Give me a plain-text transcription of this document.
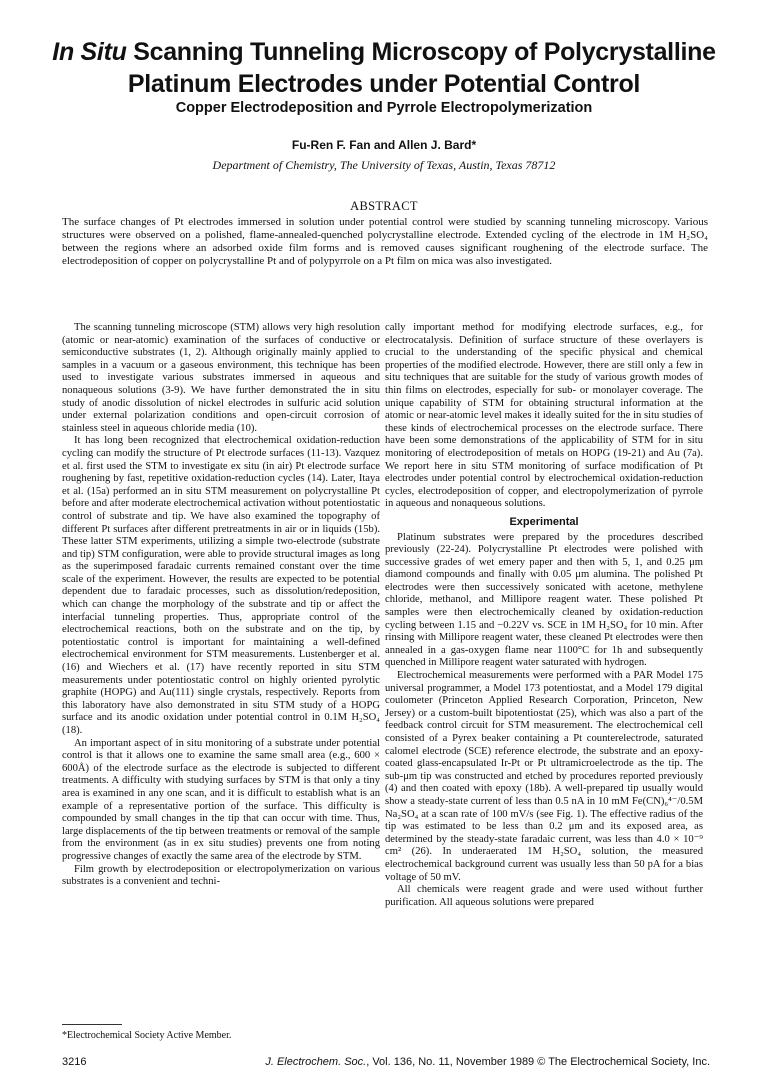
In Situ Scanning Tunneling Microscopy of Polycrystalline
Platinum Electrodes under Potential Control
Copper Electrodeposition and Pyrrole Electropolymerization
Fu-Ren F. Fan and Allen J. Bard*
Department of Chemistry, The University of Texas, Austin, Texas 78712
ABSTRACT
The surface changes of Pt electrodes immersed in solution under potential control were studied by scanning tunneling microscopy. Various structures were observed on a polished, flame-annealed-quenched polycrystalline electrode. Extended cycling of the electrode in 1M H₂SO₄ between the regions where an adsorbed oxide film forms and is removed causes significant roughening of the electrode surface. The electrodeposition of copper on polycrystalline Pt and of polypyrrole on a Pt film on mica was also investigated.

The scanning tunneling microscope (STM) allows very high resolution (atomic or near-atomic) examination of the surfaces of conductive or semiconductive substrates (1, 2). Although originally mainly applied to samples in a vacuum or a gaseous environment, this technique has been used to investigate various substrates immersed in aqueous and nonaqueous solutions (3-9). We have further demonstrated the in situ study of anodic dissolution of nickel electrodes in sulfuric acid solution under external polarization conditions and open-circuit corrosion of stainless steel in aqueous chloride media (10).

It has long been recognized that electrochemical oxidation-reduction cycling can modify the structure of Pt electrode surfaces (11-13). Vazquez et al. first used the STM to investigate ex situ (in air) Pt electrode surface roughening by fast, repetitive oxidation-reduction cycles (14). Later, Itaya et al. (15a) performed an in situ STM measurement on polycrystalline Pt before and after moderate electrochemical activation without potentiostatic control of substrate and tip. We have also examined the topography of different Pt surfaces after different pretreatments in air or in liquids (15b). These latter STM experiments, utilizing a simple two-electrode (substrate and tip) STM configuration, were able to provide structural images as long as the superimposed faradaic currents remained constant over the time scale of the experiment. However, the results are expected to be potential dependent due to faradaic processes, such as dissolution/redeposition, which can change the morphology of the substrate and tip or affect the interfacial tunneling properties. Thus, appropriate control of the electrochemical reactions, both on the substrate and on the tip, by potentiostatic control is important for maintaining a well-defined electrochemical environment for STM measurements. Lustenberger et al. (16) and Wiechers et al. (17) have recently reported in situ STM measurements under potentiostatic control on highly oriented pyrolytic graphite (HOPG) and Au(111) single crystals, respectively. Reports from this laboratory have also demonstrated in situ STM study of a HOPG surface and its anodic oxidation under potential control in 0.1M H₂SO₄ (18).

An important aspect of in situ monitoring of a substrate under potential control is that it allows one to examine the same small area (e.g., 600 × 600Å) of the electrode surface as the electrode is subjected to different treatments. A difficulty with studying surfaces by STM is that only a tiny area is examined in any one scan, and it is difficult to establish what is an example of a representative portion of the surface. This difficulty is compounded by small changes in the tip that can occur with time. Thus, large displacements of the tip between treatments or removal of the sample from the environment (as in ex situ studies) prevents one from noting progressive changes of exactly the same area of the electrode by STM.

Film growth by electrodeposition or electropolymerization on various substrates is a convenient and techni-

cally important method for modifying electrode surfaces, e.g., for electrocatalysis. Definition of surface structure of these overlayers is crucial to the understanding of the specific physical and chemical properties of the modified electrode. However, there are still only a few in situ techniques that are suitable for the study of various growth modes of thin films on electrodes, especially for sub- or monolayer coverage. The unique capability of STM for obtaining structural information at the atomic or near-atomic level makes it ideally suited for the in situ studies of these kinds of electrochemical processes on the electrode surface. There have been some demonstrations of the applicability of STM for in situ monitoring of electrodeposition of metals on HOPG (19-21) and Au (7a). We report here in situ STM monitoring of surface modification of Pt electrodes under potential control by electrochemical oxidation-reduction cycles, electrodeposition of copper, and electropolymerization of pyrrole in aqueous and nonaqueous solutions.

Experimental

Platinum substrates were prepared by the procedures described previously (22-24). Polycrystalline Pt electrodes were polished with successive grades of wet emery paper and then with 5, 1, and 0.25 μm diamond compounds and finally with 0.05 μm alumina. The polished Pt electrodes were then successively sonicated with acetone, methylene chloride, methanol, and Millipore reagent water. These polished Pt samples were then electrochemically cleaned by oxidation-reduction cycling between 1.15 and −0.22V vs. SCE in 1M H₂SO₄ for 10 min. After rinsing with Millipore reagent water, these cleaned Pt electrodes were then annealed in a gas-oxygen flame near 1100°C for 1h and subsequently quenched in Millipore reagent water saturated with hydrogen.

Electrochemical measurements were performed with a PAR Model 175 universal programmer, a Model 173 potentiostat, and a Model 179 digital coulometer (Princeton Applied Research Corporation, Princeton, New Jersey) or a custom-built bipotentiostat (25), which was also a part of the feedback control circuit for STM measurement. The electrochemical cell consisted of a Pyrex beaker containing a Pt counterelectrode, saturated calomel electrode (SCE) reference electrode, the substrate and an epoxy-coated glass-encapsulated Ir-Pt or Pt ultramicroelectrode as the tip. The sub-μm tip was constructed and etched by procedures reported previously (4) and then coated with epoxy (18b). A well-prepared tip usually would show a steady-state current of less than 0.5 nA in 10 mM Fe(CN)₆⁴⁻/0.5M Na₂SO₄ at a scan rate of 100 mV/s (see Fig. 1). The effective radius of the tip was estimated to be less than 0.2 μm and its exposed area, as determined by the steady-state faradaic current, was less than 4.0 × 10⁻⁹ cm² (26). In underaerated 1M H₂SO₄ solution, the measured electrochemical background current was usually less than 50 pA for a bias voltage of 50 mV.

All chemicals were reagent grade and were used without further purification. All aqueous solutions were prepared

*Electrochemical Society Active Member.
3216	J. Electrochem. Soc., Vol. 136, No. 11, November 1989 © The Electrochemical Society, Inc.
